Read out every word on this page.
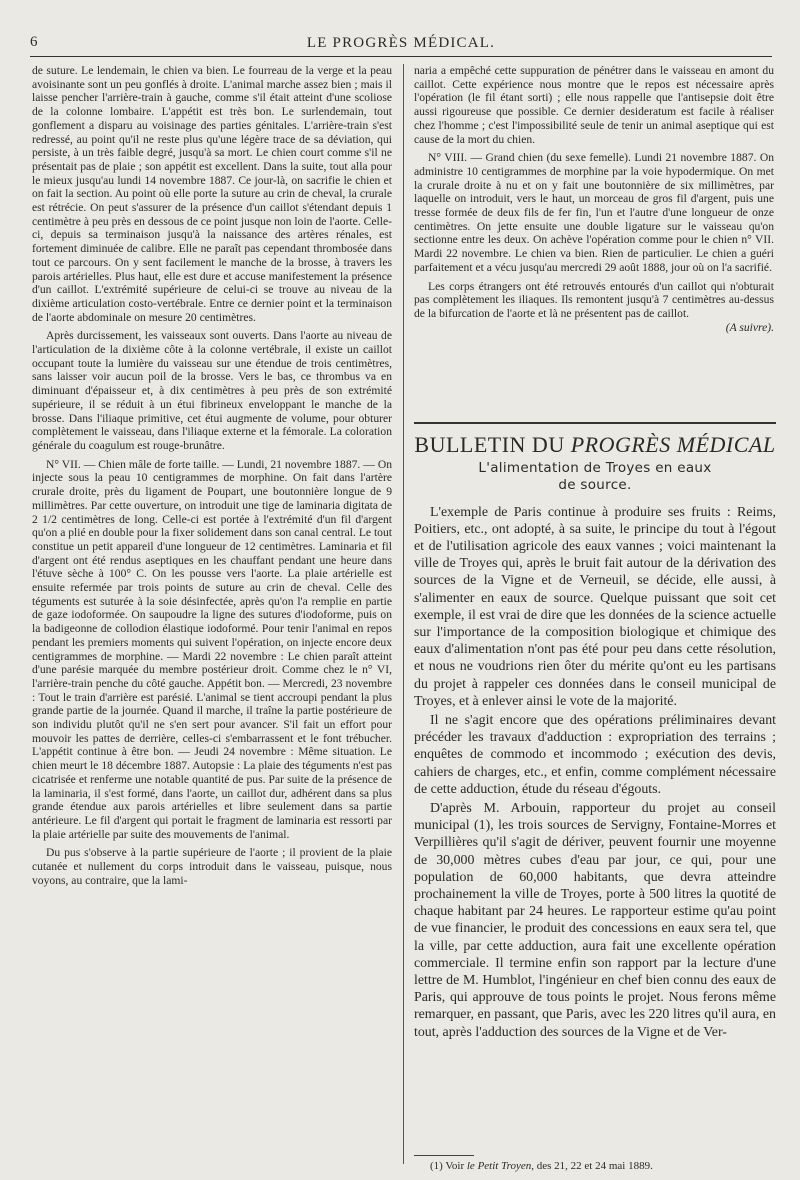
6	LE PROGRÈS MÉDICAL.

de suture. Le lendemain, le chien va bien. Le fourreau de la verge et la peau avoisinante sont un peu gonflés à droite. L'animal marche assez bien ; mais il laisse pencher l'arrière-train à gauche, comme s'il était atteint d'une scoliose de la colonne lombaire. L'appétit est très bon. Le surlendemain, tout gonflement a disparu au voisinage des parties génitales. L'arrière-train s'est redressé, au point qu'il ne reste plus qu'une légère trace de sa déviation, qui persiste, à un très faible degré, jusqu'à sa mort. Le chien court comme s'il ne présentait pas de plaie ; son appétit est excellent. Dans la suite, tout alla pour le mieux jusqu'au lundi 14 novembre 1887. Ce jour-là, on sacrifie le chien et on fait la section. Au point où elle porte la suture au crin de cheval, la crurale est rétrécie. On peut s'assurer de la présence d'un caillot s'étendant depuis 1 centimètre à peu près en dessous de ce point jusque non loin de l'aorte. Celle-ci, depuis sa terminaison jusqu'à la naissance des artères rénales, est fortement diminuée de calibre. Elle ne paraît pas cependant thrombosée dans tout ce parcours. On y sent facilement le manche de la brosse, à travers les parois artérielles. Plus haut, elle est dure et accuse manifestement la présence d'un caillot. L'extrémité supérieure de celui-ci se trouve au niveau de la dixième articulation costo-vertébrale. Entre ce dernier point et la terminaison de l'aorte abdominale on mesure 20 centimètres.

Après durcissement, les vaisseaux sont ouverts. Dans l'aorte au niveau de l'articulation de la dixième côte à la colonne vertébrale, il existe un caillot occupant toute la lumière du vaisseau sur une étendue de trois centimètres, sans laisser voir aucun poil de la brosse. Vers le bas, ce thrombus va en diminuant d'épaisseur et, à dix centimètres à peu près de son extrémité supérieure, il se réduit à un étui fibrineux enveloppant le manche de la brosse. Dans l'iliaque primitive, cet étui augmente de volume, pour obturer complètement le vaisseau, dans l'iliaque externe et la fémorale. La coloration générale du coagulum est rouge-brunâtre.

N° VII. — Chien mâle de forte taille. — Lundi, 21 novembre 1887. — On injecte sous la peau 10 centigrammes de morphine. On fait dans l'artère crurale droite, près du ligament de Poupart, une boutonnière longue de 9 millimètres. Par cette ouverture, on introduit une tige de laminaria digitata de 2 1/2 centimètres de long. Celle-ci est portée à l'extrémité d'un fil d'argent qu'on a plié en double pour la fixer solidement dans son canal central. Le tout constitue un petit appareil d'une longueur de 12 centimètres. Laminaria et fil d'argent ont été rendus aseptiques en les chauffant pendant une heure dans l'étuve sèche à 100° C. On les pousse vers l'aorte. La plaie artérielle est ensuite refermée par trois points de suture au crin de cheval. Celle des téguments est suturée à la soie désinfectée, après qu'on l'a remplie en partie de gaze iodoformée. On saupoudre la ligne des sutures d'iodoforme, puis on la badigeonne de collodion élastique iodoformé. Pour tenir l'animal en repos pendant les premiers moments qui suivent l'opération, on injecte encore deux centigrammes de morphine. — Mardi 22 novembre : Le chien paraît atteint d'une parésie marquée du membre postérieur droit. Comme chez le n° VI, l'arrière-train penche du côté gauche. Appétit bon. — Mercredi, 23 novembre : Tout le train d'arrière est parésié. L'animal se tient accroupi pendant la plus grande partie de la journée. Quand il marche, il traîne la partie postérieure de son individu plutôt qu'il ne s'en sert pour avancer. S'il fait un effort pour mouvoir les pattes de derrière, celles-ci s'embarrassent et le font trébucher. L'appétit continue à être bon. — Jeudi 24 novembre : Même situation. Le chien meurt le 18 décembre 1887. Autopsie : La plaie des téguments n'est pas cicatrisée et renferme une notable quantité de pus. Par suite de la présence de la laminaria, il s'est formé, dans l'aorte, un caillot dur, adhérent dans sa plus grande étendue aux parois artérielles et libre seulement dans sa partie antérieure. Le fil d'argent qui portait le fragment de laminaria est ressorti par la plaie artérielle par suite des mouvements de l'animal.

Du pus s'observe à la partie supérieure de l'aorte ; il provient de la plaie cutanée et nullement du corps introduit dans le vaisseau, puisque, nous voyons, au contraire, que la lami-

naria a empêché cette suppuration de pénétrer dans le vaisseau en amont du caillot. Cette expérience nous montre que le repos est nécessaire après l'opération (le fil étant sorti) ; elle nous rappelle que l'antisepsie doit être aussi rigoureuse que possible. Ce dernier desideratum est facile à réaliser chez l'homme ; c'est l'impossibilité seule de tenir un animal aseptique qui est cause de la mort du chien.

N° VIII. — Grand chien (du sexe femelle). Lundi 21 novembre 1887. On administre 10 centigrammes de morphine par la voie hypodermique. On met la crurale droite à nu et on y fait une boutonnière de six millimètres, par laquelle on introduit, vers le haut, un morceau de gros fil d'argent, puis une tresse formée de deux fils de fer fin, l'un et l'autre d'une longueur de onze centimètres. On jette ensuite une double ligature sur le vaisseau qu'on sectionne entre les deux. On achève l'opération comme pour le chien n° VII. Mardi 22 novembre. Le chien va bien. Rien de particulier. Le chien a guéri parfaitement et a vécu jusqu'au mercredi 29 août 1888, jour où on l'a sacrifié.

Les corps étrangers ont été retrouvés entourés d'un caillot qui n'obturait pas complètement les iliaques. Ils remontent jusqu'à 7 centimètres au-dessus de la bifurcation de l'aorte et là ne présentent pas de caillot.

(A suivre).
BULLETIN DU PROGRÈS MÉDICAL
L'alimentation de Troyes en eaux
de source.

L'exemple de Paris continue à produire ses fruits : Reims, Poitiers, etc., ont adopté, à sa suite, le principe du tout à l'égout et de l'utilisation agricole des eaux vannes ; voici maintenant la ville de Troyes qui, après le bruit fait autour de la dérivation des sources de la Vigne et de Verneuil, se décide, elle aussi, à s'alimenter en eaux de source. Quelque puissant que soit cet exemple, il est vrai de dire que les données de la science actuelle sur l'importance de la composition biologique et chimique des eaux d'alimentation n'ont pas été pour peu dans cette résolution, et nous ne voudrions rien ôter du mérite qu'ont eu les partisans du projet à rappeler ces données dans le conseil municipal de Troyes, et à enlever ainsi le vote de la majorité.

Il ne s'agit encore que des opérations préliminaires devant précéder les travaux d'adduction : expropriation des terrains ; enquêtes de commodo et incommodo ; exécution des devis, cahiers de charges, etc., et enfin, comme complément nécessaire de cette adduction, étude du réseau d'égouts.

D'après M. Arbouin, rapporteur du projet au conseil municipal (1), les trois sources de Servigny, Fontaine-Morres et Verpillières qu'il s'agit de dériver, peuvent fournir une moyenne de 30,000 mètres cubes d'eau par jour, ce qui, pour une population de 60,000 habitants, que devra atteindre prochainement la ville de Troyes, porte à 500 litres la quotité de chaque habitant par 24 heures. Le rapporteur estime qu'au point de vue financier, le produit des concessions en eaux sera tel, que la ville, par cette adduction, aura fait une excellente opération commerciale. Il termine enfin son rapport par la lecture d'une lettre de M. Humblot, l'ingénieur en chef bien connu des eaux de Paris, qui approuve de tous points le projet. Nous ferons même remarquer, en passant, que Paris, avec les 220 litres qu'il aura, en tout, après l'adduction des sources de la Vigne et de Ver-

(1) Voir le Petit Troyen, des 21, 22 et 24 mai 1889.
